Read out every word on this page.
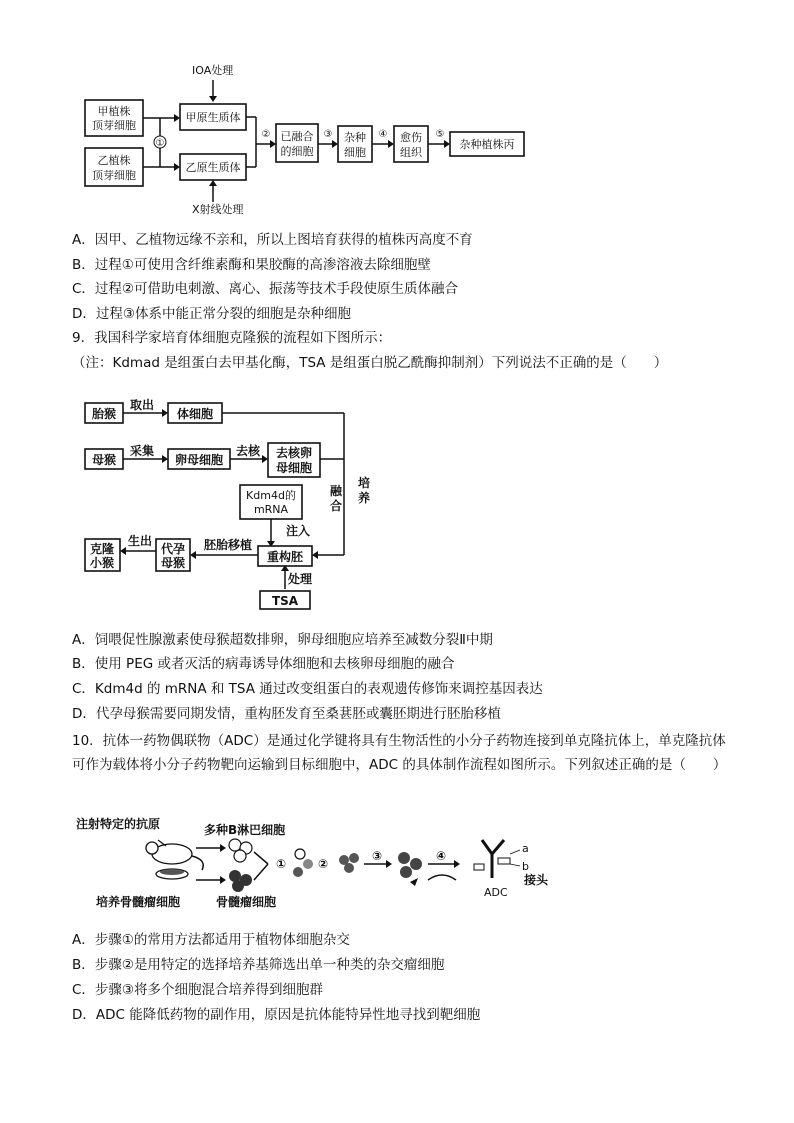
IOA处理
甲植株
顶芽细胞
乙植株
顶芽细胞
①
甲原生质体
乙原生质体
X射线处理
② 已融合
的细胞
③ 杂种
细胞
④ 愈伤
组织
⑤
杂种植株丙
A．因甲、乙植物远缘不亲和，所以上图培育获得的植株丙高度不育
B．过程①可使用含纤维素酶和果胶酶的高渗溶液去除细胞壁
C．过程②可借助电刺激、离心、振荡等技术手段使原生质体融合
D．过程③体系中能正常分裂的细胞是杂种细胞
9．我国科学家培育体细胞克隆猴的流程如下图所示：
（注：Kdmad 是组蛋白去甲基化酶，TSA 是组蛋白脱乙酰酶抑制剂）下列说法不正确的是（　　）
胎猴
取出
体细胞
母猴
采集
卵母细胞
去核 去核卵
母细胞
融
合
培
养
Kdm4d的
mRNA
注入
重构胚
处理
TSA
胚胎移植
代孕
母猴
生出
克隆
小猴
A．饲喂促性腺激素使母猴超数排卵，卵母细胞应培养至减数分裂Ⅱ中期
B．使用 PEG 或者灭活的病毒诱导体细胞和去核卵母细胞的融合
C．Kdm4d 的 mRNA 和 TSA 通过改变组蛋白的表观遗传修饰来调控基因表达
D．代孕母猴需要同期发情，重构胚发育至桑葚胚或囊胚期进行胚胎移植
10．抗体一药物偶联物（ADC）是通过化学键将具有生物活性的小分子药物连接到单克隆抗体上，单克隆抗体可作为载体将小分子药物靶向运输到目标细胞中，ADC 的具体制作流程如图所示。下列叙述正确的是（　　）
注射特定的抗原	多种B淋巴细胞
培养骨髓瘤细胞	骨髓瘤细胞
①	②
③	④
a
b
接头
ADC
A．步骤①的常用方法都适用于植物体细胞杂交
B．步骤②是用特定的选择培养基筛选出单一种类的杂交瘤细胞
C．步骤③将多个细胞混合培养得到细胞群
D．ADC 能降低药物的副作用，原因是抗体能特异性地寻找到靶细胞
